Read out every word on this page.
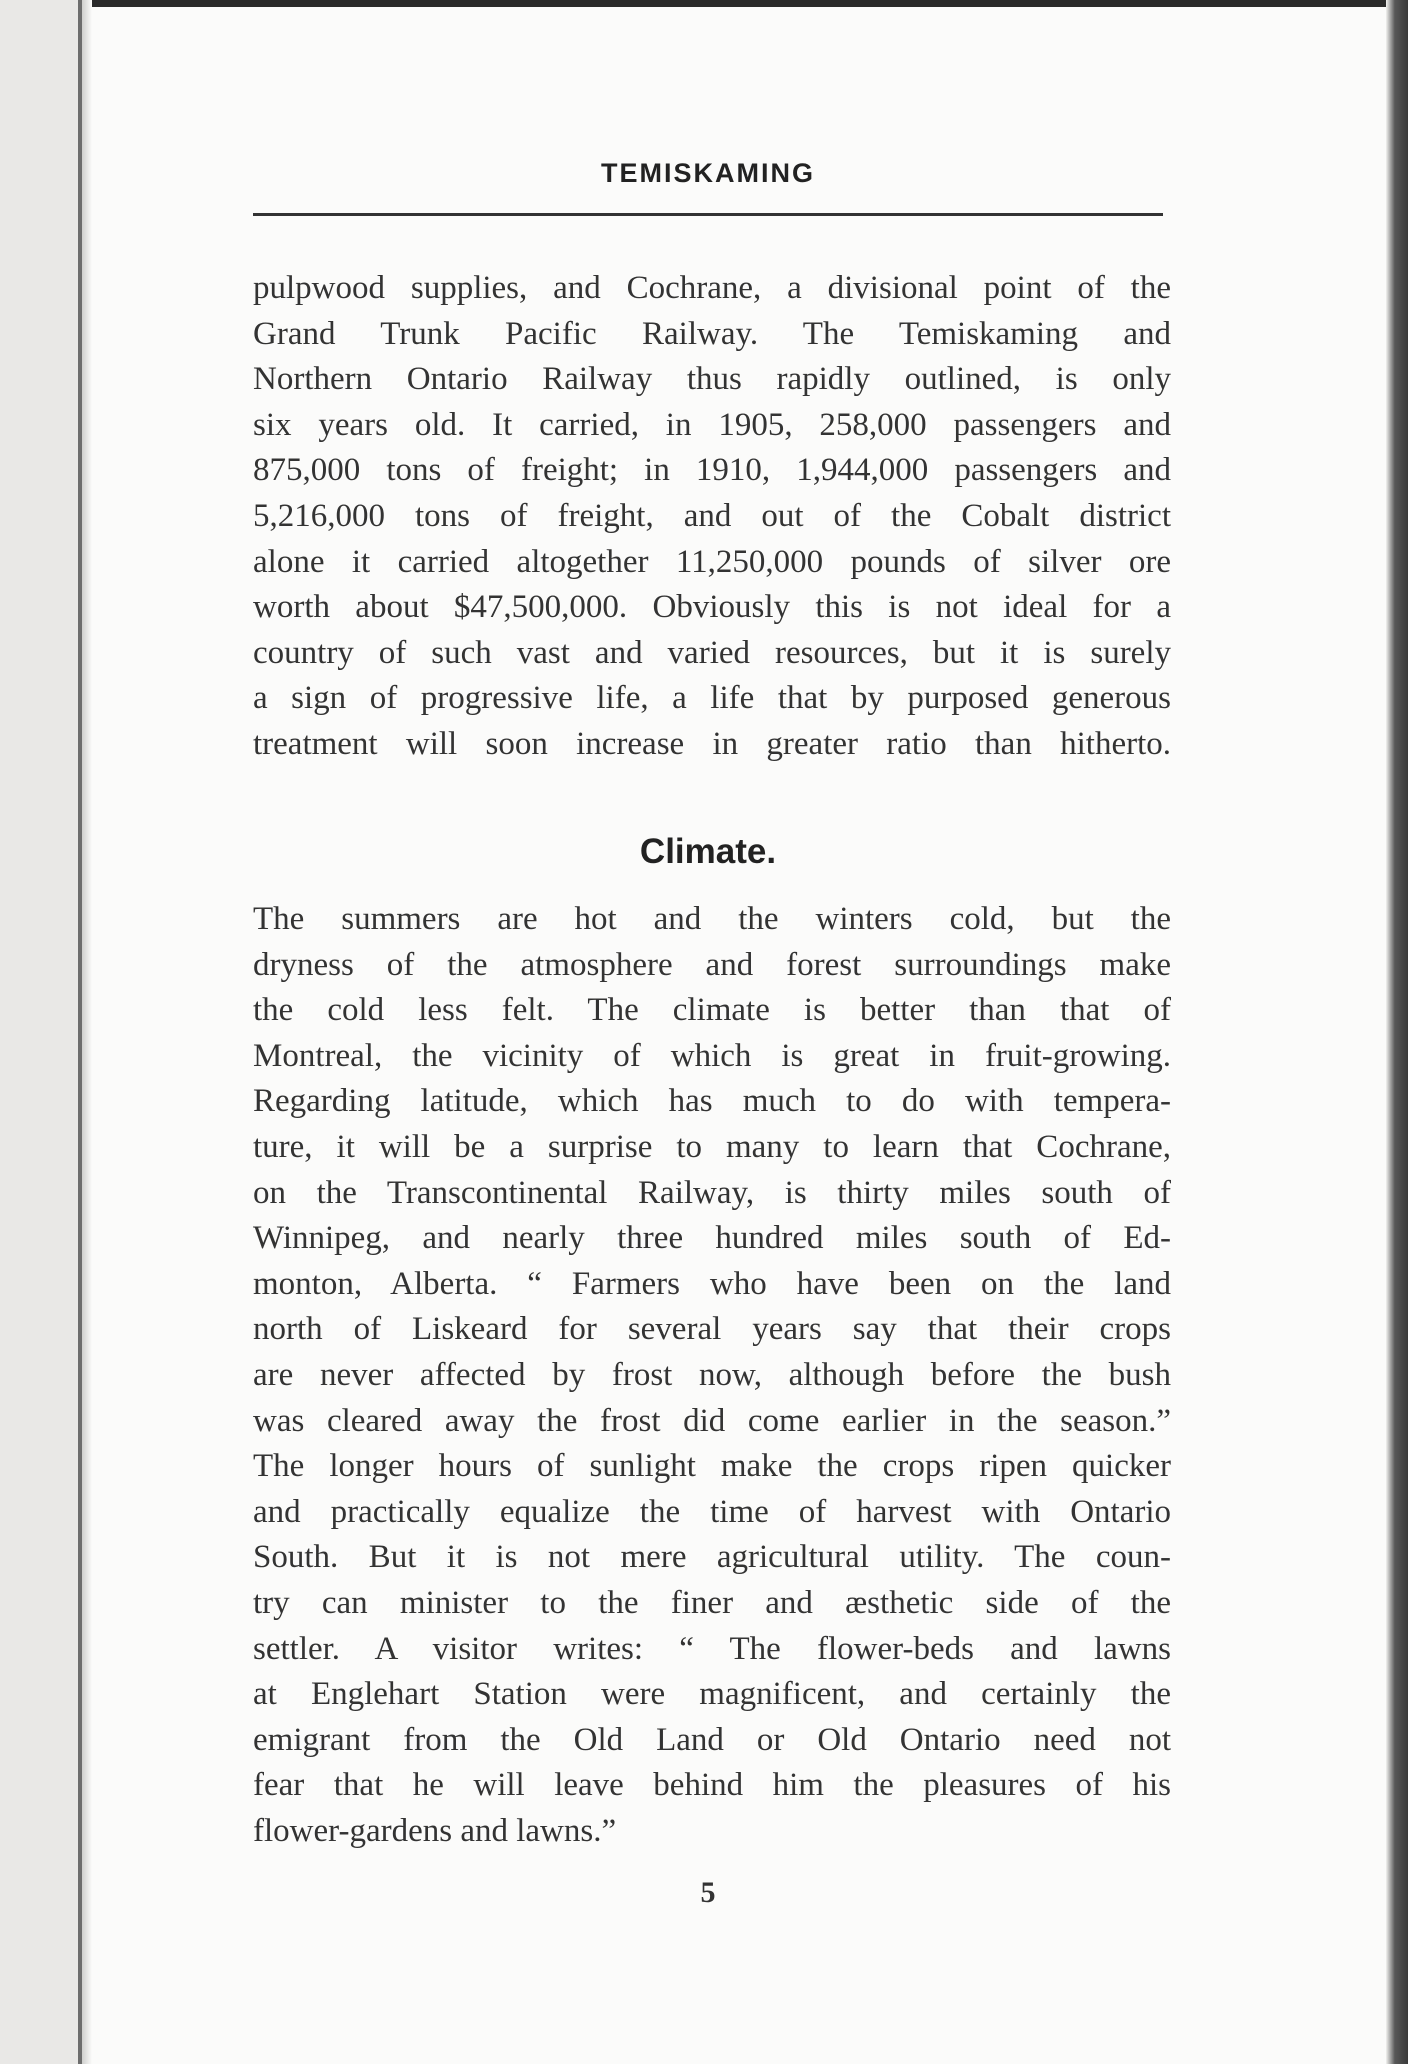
TEMISKAMING
pulpwood supplies, and Cochrane, a divisional point of the
Grand Trunk Pacific Railway. The Temiskaming and
Northern Ontario Railway thus rapidly outlined, is only
six years old. It carried, in 1905, 258,000 passengers and
875,000 tons of freight; in 1910, 1,944,000 passengers and
5,216,000 tons of freight, and out of the Cobalt district
alone it carried altogether 11,250,000 pounds of silver ore
worth about $47,500,000. Obviously this is not ideal for a
country of such vast and varied resources, but it is surely
a sign of progressive life, a life that by purposed generous
treatment will soon increase in greater ratio than hitherto.
Climate.
The summers are hot and the winters cold, but the
dryness of the atmosphere and forest surroundings make
the cold less felt. The climate is better than that of
Montreal, the vicinity of which is great in fruit-growing.
Regarding latitude, which has much to do with tempera-
ture, it will be a surprise to many to learn that Cochrane,
on the Transcontinental Railway, is thirty miles south of
Winnipeg, and nearly three hundred miles south of Ed-
monton, Alberta. “ Farmers who have been on the land
north of Liskeard for several years say that their crops
are never affected by frost now, although before the bush
was cleared away the frost did come earlier in the season.”
The longer hours of sunlight make the crops ripen quicker
and practically equalize the time of harvest with Ontario
South. But it is not mere agricultural utility. The coun-
try can minister to the finer and æsthetic side of the
settler. A visitor writes: “ The flower-beds and lawns
at Englehart Station were magnificent, and certainly the
emigrant from the Old Land or Old Ontario need not
fear that he will leave behind him the pleasures of his
flower-gardens and lawns.”
5
